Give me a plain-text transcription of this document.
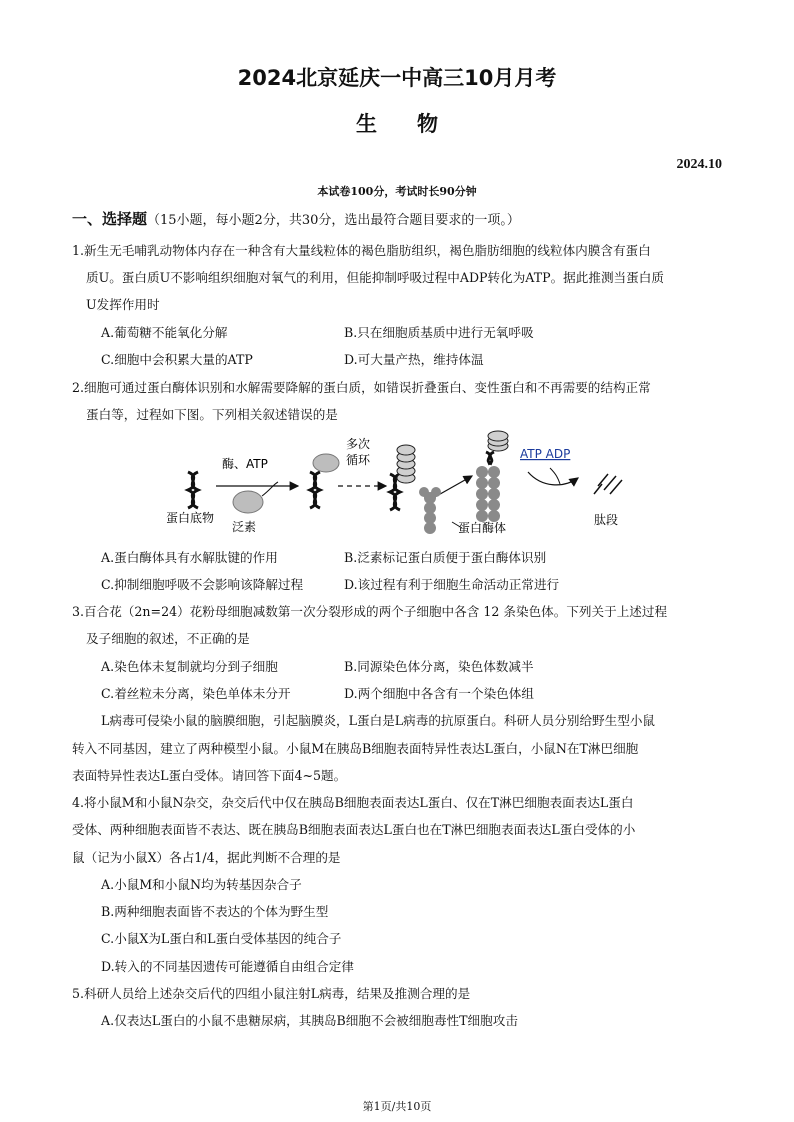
2024北京延庆一中高三10月月考
生物
2024.10
本试卷100分，考试时长90分钟
一、选择题（15小题，每小题2分，共30分，选出最符合题目要求的一项。）
1.新生无毛哺乳动物体内存在一种含有大量线粒体的褐色脂肪组织，褐色脂肪细胞的线粒体内膜含有蛋白
质U。蛋白质U不影响组织细胞对氧气的利用，但能抑制呼吸过程中ADP转化为ATP。据此推测当蛋白质
U发挥作用时
A.葡萄糖不能氧化分解	B.只在细胞质基质中进行无氧呼吸
C.细胞中会积累大量的ATP	D.可大量产热，维持体温
2.细胞可通过蛋白酶体识别和水解需要降解的蛋白质，如错误折叠蛋白、变性蛋白和不再需要的结构正常
蛋白等，过程如下图。下列相关叙述错误的是
蛋白底物
酶、ATP
泛素
多次
循环
蛋白酶体
ATP ADP
肽段
A.蛋白酶体具有水解肽键的作用	B.泛素标记蛋白质便于蛋白酶体识别
C.抑制细胞呼吸不会影响该降解过程	D.该过程有利于细胞生命活动正常进行
3.百合花（2n=24）花粉母细胞减数第一次分裂形成的两个子细胞中各含 12 条染色体。下列关于上述过程
及子细胞的叙述，不正确的是
A.染色体未复制就均分到子细胞	B.同源染色体分离，染色体数减半
C.着丝粒未分离，染色单体未分开	D.两个细胞中各含有一个染色体组
L病毒可侵染小鼠的脑膜细胞，引起脑膜炎，L蛋白是L病毒的抗原蛋白。科研人员分别给野生型小鼠
转入不同基因，建立了两种模型小鼠。小鼠M在胰岛B细胞表面特异性表达L蛋白，小鼠N在T淋巴细胞
表面特异性表达L蛋白受体。请回答下面4~5题。
4.将小鼠M和小鼠N杂交，杂交后代中仅在胰岛B细胞表面表达L蛋白、仅在T淋巴细胞表面表达L蛋白
受体、两种细胞表面皆不表达、既在胰岛B细胞表面表达L蛋白也在T淋巴细胞表面表达L蛋白受体的小
鼠（记为小鼠X）各占1/4，据此判断不合理的是
A.小鼠M和小鼠N均为转基因杂合子
B.两种细胞表面皆不表达的个体为野生型
C.小鼠X为L蛋白和L蛋白受体基因的纯合子
D.转入的不同基因遗传可能遵循自由组合定律
5.科研人员给上述杂交后代的四组小鼠注射L病毒，结果及推测合理的是
A.仅表达L蛋白的小鼠不患糖尿病，其胰岛B细胞不会被细胞毒性T细胞攻击
第1页/共10页
